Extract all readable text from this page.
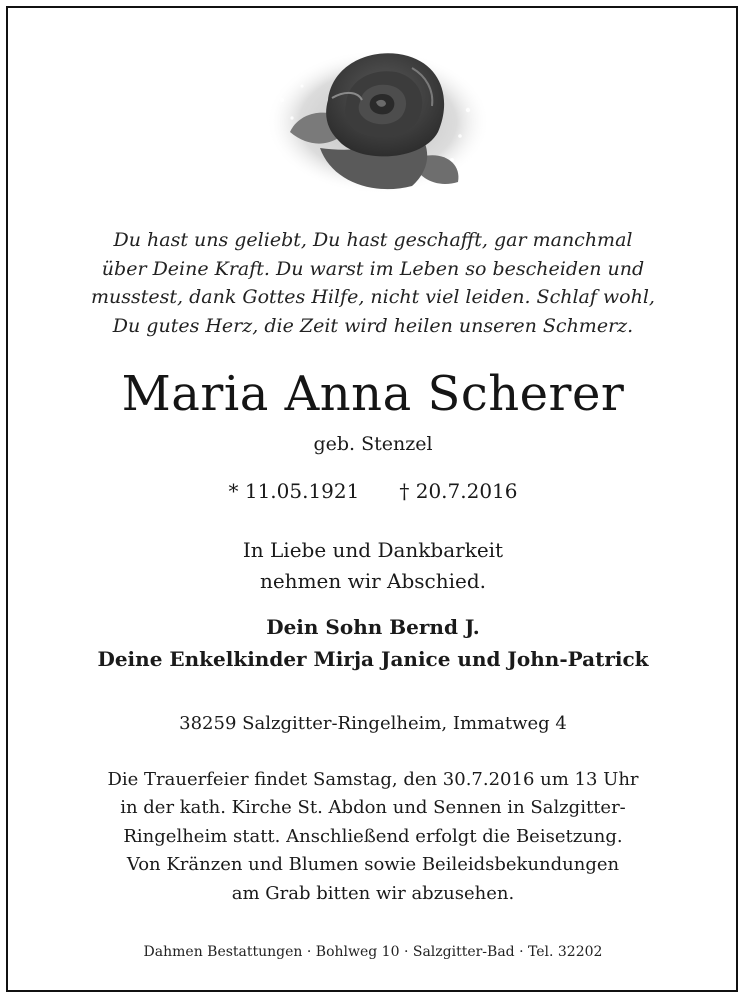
Du hast uns geliebt, Du hast geschafft, gar manchmal
über Deine Kraft. Du warst im Leben so bescheiden und
musstest, dank Gottes Hilfe, nicht viel leiden. Schlaf wohl,
Du gutes Herz, die Zeit wird heilen unseren Schmerz.
Maria Anna Scherer
geb. Stenzel
* 11.05.1921 † 20.7.2016
In Liebe und Dankbarkeit
nehmen wir Abschied.
Dein Sohn Bernd J.
Deine Enkelkinder Mirja Janice und John-Patrick
38259 Salzgitter-Ringelheim, Immatweg 4
Die Trauerfeier findet Samstag, den 30.7.2016 um 13 Uhr
in der kath. Kirche St. Abdon und Sennen in Salzgitter-
Ringelheim statt. Anschließend erfolgt die Beisetzung.
Von Kränzen und Blumen sowie Beileidsbekundungen
am Grab bitten wir abzusehen.
Dahmen Bestattungen · Bohlweg 10 · Salzgitter-Bad · Tel. 32202
